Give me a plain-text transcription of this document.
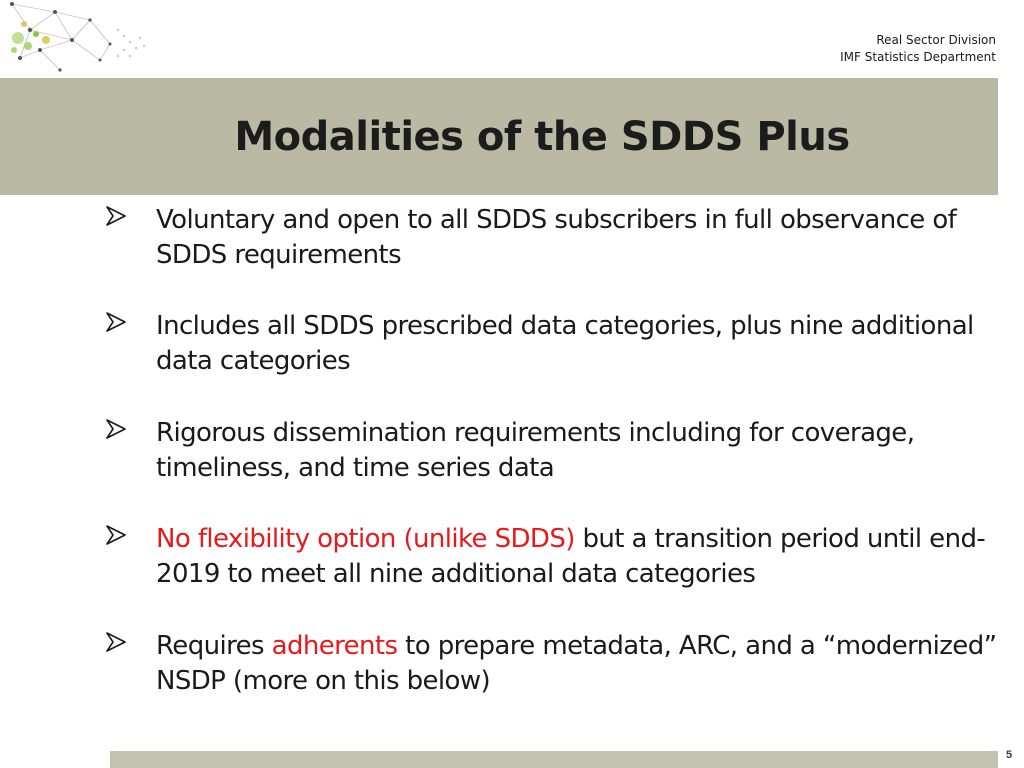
Real Sector Division
IMF Statistics Department
Modalities of the SDDS Plus
Voluntary and open to all SDDS subscribers in full observance of SDDS requirements
Includes all SDDS prescribed data categories, plus nine additional data categories
Rigorous dissemination requirements including for coverage, timeliness, and time series data
No flexibility option (unlike SDDS) but a transition period until end-2019 to meet all nine additional data categories
Requires adherents to prepare metadata, ARC, and a “modernized” NSDP (more on this below)
5
